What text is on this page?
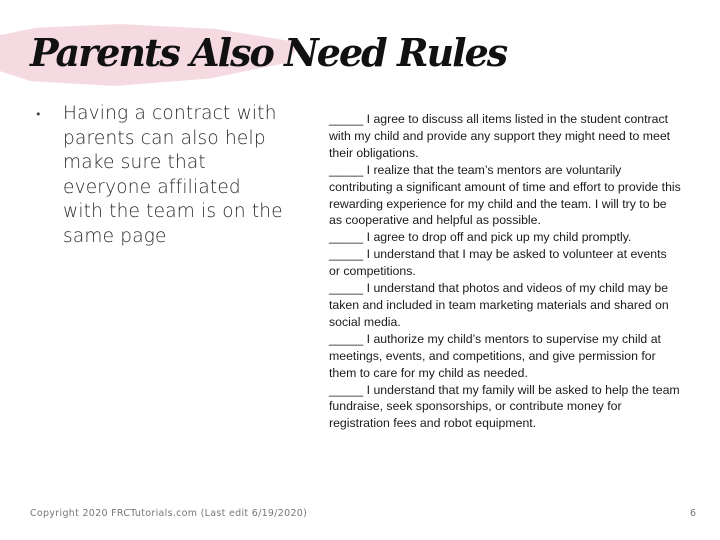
Parents Also Need Rules
•	Having a contract with parents can also help make sure that everyone affiliated with the team is on the same page

_____ I agree to discuss all items listed in the student contract with my child and provide any support they might need to meet their obligations.

_____ I realize that the team’s mentors are voluntarily contributing a significant amount of time and effort to provide this rewarding experience for my child and the team. I will try to be as cooperative and helpful as possible.

_____ I agree to drop off and pick up my child promptly.

_____ I understand that I may be asked to volunteer at events or competitions.

_____ I understand that photos and videos of my child may be taken and included in team marketing materials and shared on social media.

_____ I authorize my child’s mentors to supervise my child at meetings, events, and competitions, and give permission for them to care for my child as needed.

_____ I understand that my family will be asked to help the team fundraise, seek sponsorships, or contribute money for registration fees and robot equipment.

Copyright 2020 FRCTutorials.com (Last edit 6/19/2020)	6
